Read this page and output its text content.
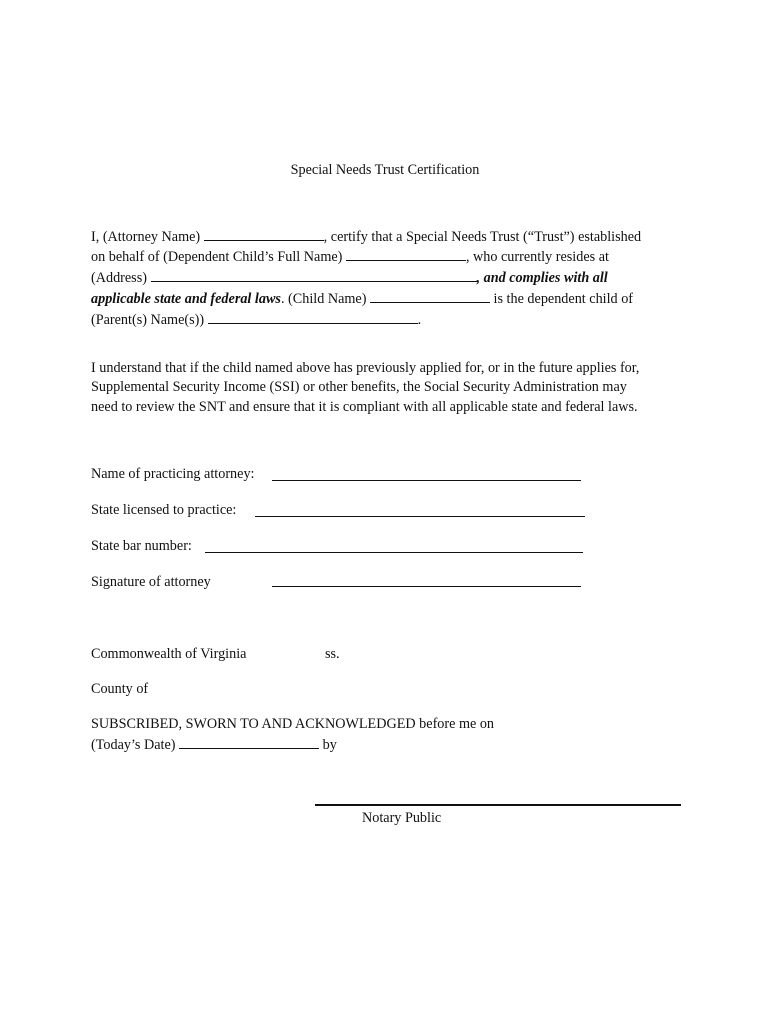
Special Needs Trust Certification
I, (Attorney Name)	, certify that a Special Needs Trust (“Trust”) established
on behalf of (Dependent Child’s Full Name)	, who currently resides at
(Address)	, and complies with all
applicable state and federal laws. (Child Name)	is the dependent child of
(Parent(s) Name(s))	.
I understand that if the child named above has previously applied for, or in the future applies for,
Supplemental Security Income (SSI) or other benefits, the Social Security Administration may
need to review the SNT and ensure that it is compliant with all applicable state and federal laws.
Name of practicing attorney:
State licensed to practice:
State bar number:
Signature of attorney
Commonwealth of Virginia	ss.
County of
SUBSCRIBED, SWORN TO AND ACKNOWLEDGED before me on
(Today’s Date)	by
Notary Public
